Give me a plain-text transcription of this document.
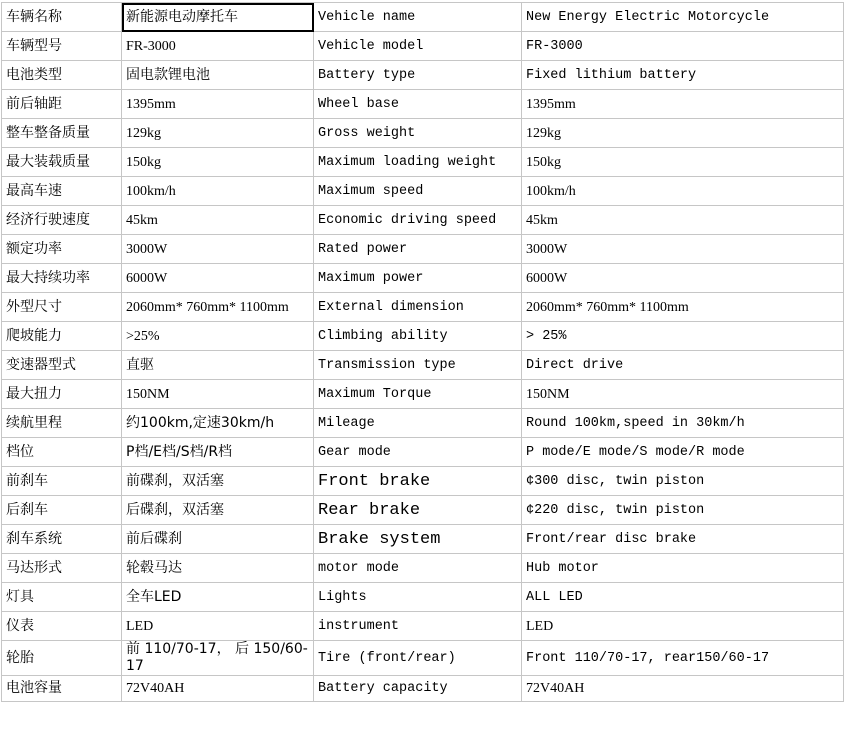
车辆名称	新能源电动摩托车	Vehicle name	New Energy Electric Motorcycle
车辆型号	FR-3000	Vehicle model	FR-3000
电池类型	固电款锂电池	Battery type	Fixed lithium battery
前后轴距	1395mm	Wheel base	1395mm
整车整备质量	129kg	Gross weight	129kg
最大装载质量	150kg	Maximum loading weight	150kg
最高车速	100km/h	Maximum speed	100km/h
经济行驶速度	45km	Economic driving speed	45km
额定功率	3000W	Rated power	3000W
最大持续功率	6000W	Maximum power	6000W
外型尺寸	2060mm* 760mm* 1100mm	External dimension	2060mm* 760mm* 1100mm
爬坡能力	>25%	Climbing ability	> 25%
变速器型式	直驱	Transmission type	Direct drive
最大扭力	150NM	Maximum Torque	150NM
续航里程	约100km,定速30km/h	Mileage	Round 100km,speed in 30km/h
档位	P档/E档/S档/R档	Gear mode	P mode/E mode/S mode/R mode
前刹车	前碟刹，双活塞	Front brake	¢300 disc, twin piston
后刹车	后碟刹，双活塞	Rear brake	¢220 disc, twin piston
刹车系统	前后碟刹	Brake system	Front/rear disc brake
马达形式	轮毂马达	motor mode	Hub motor
灯具	全车LED	Lights	ALL LED
仪表	LED	instrument	LED
轮胎	前 110/70-17， 后 150/60-17	Tire (front/rear)	Front 110/70-17, rear150/60-17
电池容量	72V40AH	Battery capacity	72V40AH
